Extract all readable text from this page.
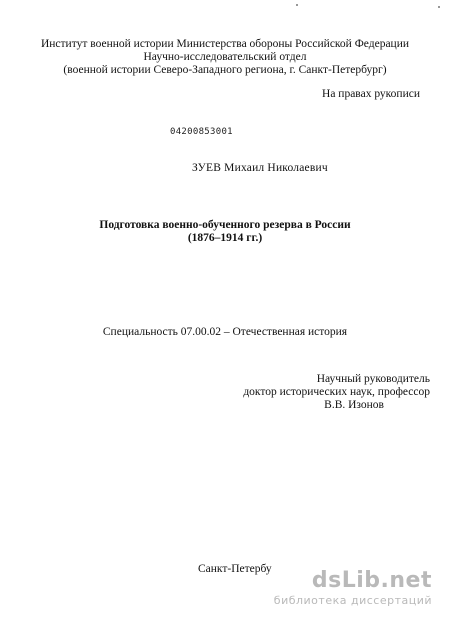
Институт военной истории Министерства обороны Российской Федерации
Научно-исследовательский отдел
(военной истории Северо-Западного региона, г. Санкт-Петербург)
На правах рукописи
04200853001
ЗУЕВ Михаил Николаевич
Подготовка военно-обученного резерва в России
(1876–1914 гг.)
Специальность 07.00.02 – Отечественная история
Научный руководитель
доктор исторических наук, профессор
В.В. Изонов
Санкт-Петербу dsLib.net
библиотека диссертаций
